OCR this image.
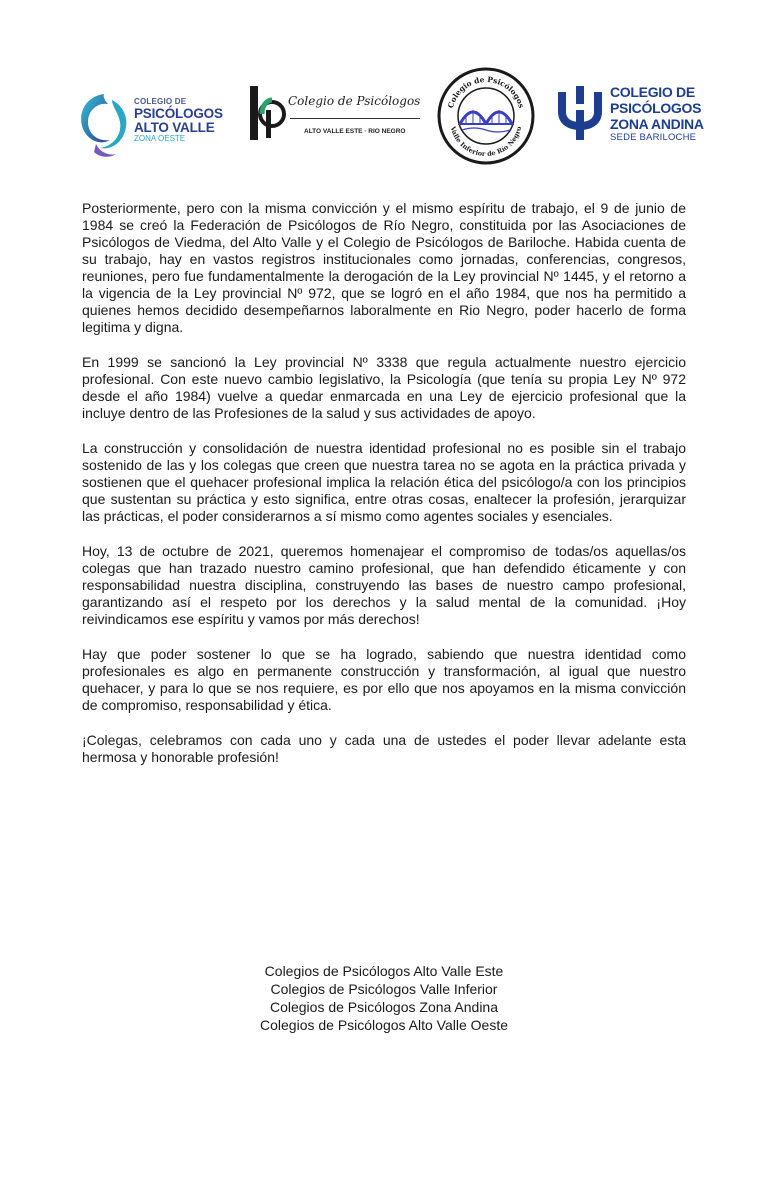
COLEGIO DE
PSICÓLOGOS
ALTO VALLE
ZONA OESTE
Colegio de Psicólogos
ALTO VALLE ESTE · RIO NEGRO
Colegio de Psicólogos
Valle Inferior de Río Negro
COLEGIO DE
PSICÓLOGOS
ZONA ANDINA
SEDE BARILOCHE

Posteriormente, pero con la misma convicción y el mismo espíritu de trabajo, el 9 de junio de 1984 se creó la Federación de Psicólogos de Río Negro, constituida por las Asociaciones de Psicólogos de Viedma, del Alto Valle y el Colegio de Psicólogos de Bariloche. Habida cuenta de su trabajo, hay en vastos registros institucionales como jornadas, conferencias, congresos, reuniones, pero fue fundamentalmente la derogación de la Ley provincial Nº 1445, y el retorno a la vigencia de la Ley provincial Nº 972, que se logró en el año 1984, que nos ha permitido a quienes hemos decidido desempeñarnos laboralmente en Rio Negro, poder hacerlo de forma legitima y digna.

En 1999 se sancionó la Ley provincial Nº 3338 que regula actualmente nuestro ejercicio profesional. Con este nuevo cambio legislativo, la Psicología (que tenía su propia Ley Nº 972 desde el año 1984) vuelve a quedar enmarcada en una Ley de ejercicio profesional que la incluye dentro de las Profesiones de la salud y sus actividades de apoyo.

La construcción y consolidación de nuestra identidad profesional no es posible sin el trabajo sostenido de las y los colegas que creen que nuestra tarea no se agota en la práctica privada y sostienen que el quehacer profesional implica la relación ética del psicólogo/a con los principios que sustentan su práctica y esto significa, entre otras cosas, enaltecer la profesión, jerarquizar las prácticas, el poder considerarnos a sí mismo como agentes sociales y esenciales.

Hoy, 13 de octubre de 2021, queremos homenajear el compromiso de todas/os aquellas/os colegas que han trazado nuestro camino profesional, que han defendido éticamente y con responsabilidad nuestra disciplina, construyendo las bases de nuestro campo profesional, garantizando así el respeto por los derechos y la salud mental de la comunidad. ¡Hoy reivindicamos ese espíritu y vamos por más derechos!

Hay que poder sostener lo que se ha logrado, sabiendo que nuestra identidad como profesionales es algo en permanente construcción y transformación, al igual que nuestro quehacer, y para lo que se nos requiere, es por ello que nos apoyamos en la misma convicción de compromiso, responsabilidad y ética.

¡Colegas, celebramos con cada uno y cada una de ustedes el poder llevar adelante esta hermosa y honorable profesión!

Colegios de Psicólogos Alto Valle Este
Colegios de Psicólogos Valle Inferior
Colegios de Psicólogos Zona Andina
Colegios de Psicólogos Alto Valle Oeste
